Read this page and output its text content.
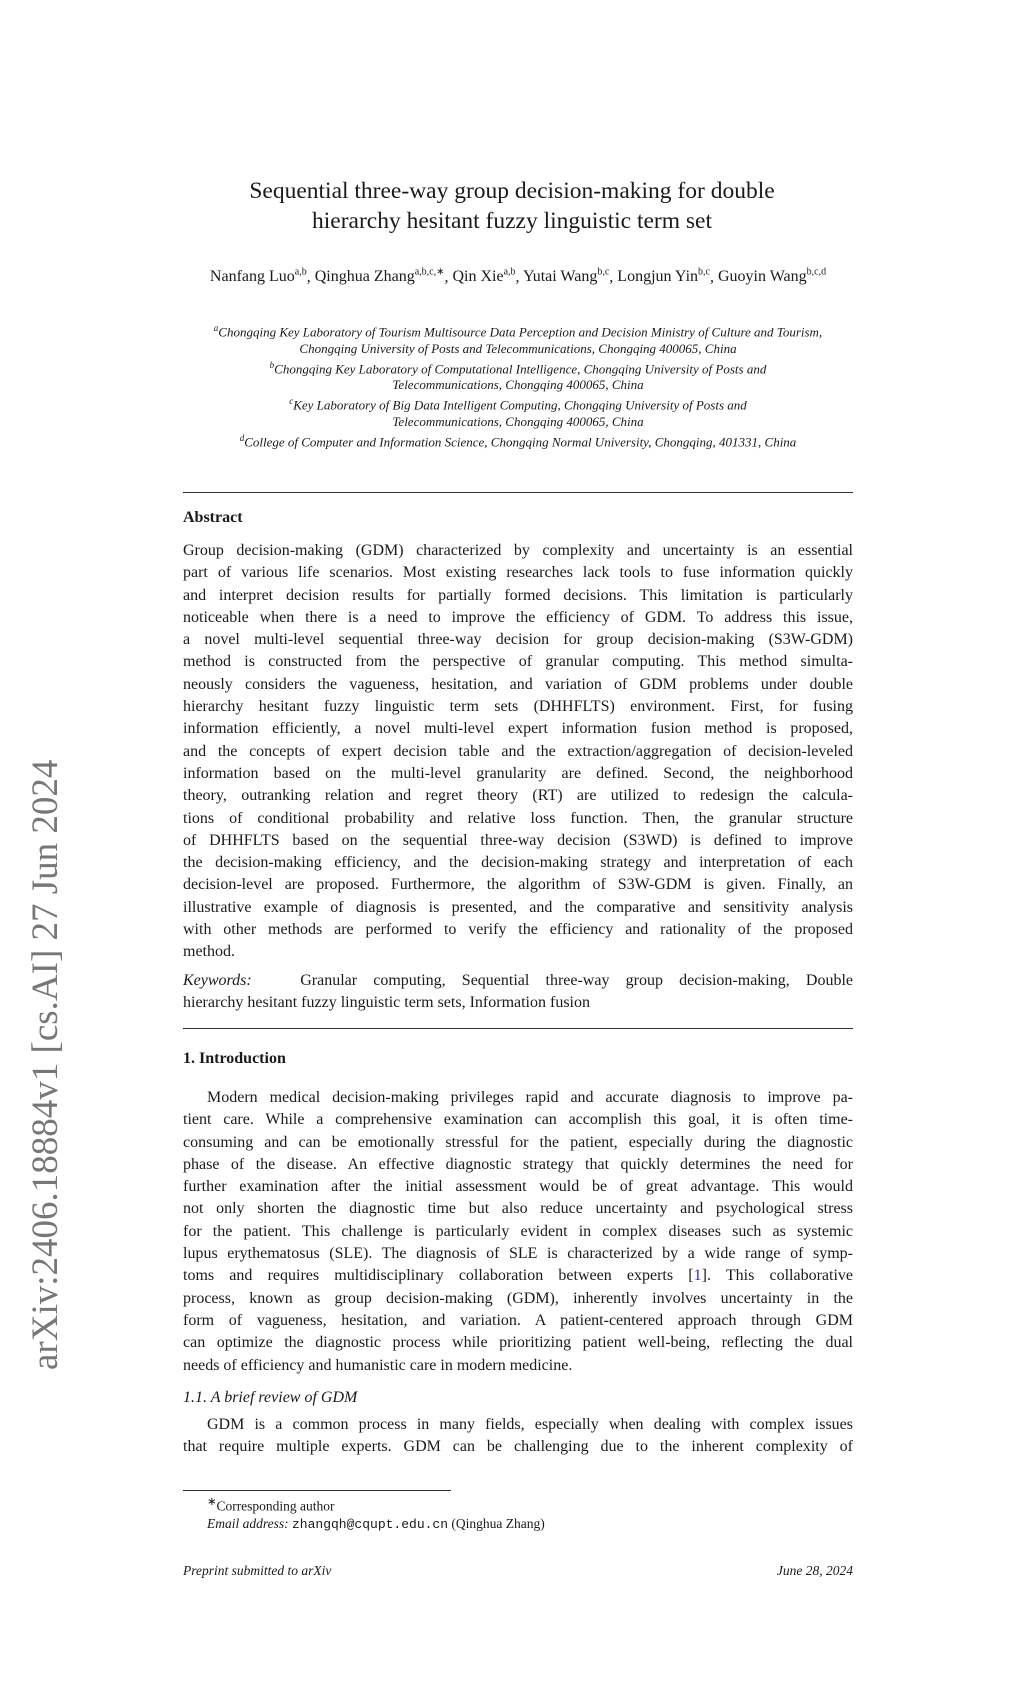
arXiv:2406.18884v1 [cs.AI] 27 Jun 2024
Sequential three-way group decision-making for double
hierarchy hesitant fuzzy linguistic term set
Nanfang Luo$^{a,b}$, Qinghua Zhang$^{a,b,c,∗}$, Qin Xie$^{a,b}$, Yutai Wang$^{b,c}$, Longjun Yin$^{b,c}$, Guoyin Wang$^{b,c,d}$
$^a$Chongqing Key Laboratory of Tourism Multisource Data Perception and Decision Ministry of Culture and Tourism, Chongqing University of Posts and Telecommunications, Chongqing 400065, China
$^b$Chongqing Key Laboratory of Computational Intelligence, Chongqing University of Posts and Telecommunications, Chongqing 400065, China
$^c$Key Laboratory of Big Data Intelligent Computing, Chongqing University of Posts and Telecommunications, Chongqing 400065, China
$^d$College of Computer and Information Science, Chongqing Normal University, Chongqing, 401331, China
Abstract
Group decision-making (GDM) characterized by complexity and uncertainty is an essential
part of various life scenarios. Most existing researches lack tools to fuse information quickly
and interpret decision results for partially formed decisions. This limitation is particularly
noticeable when there is a need to improve the efficiency of GDM. To address this issue,
a novel multi-level sequential three-way decision for group decision-making (S3W-GDM)
method is constructed from the perspective of granular computing. This method simulta-
neously considers the vagueness, hesitation, and variation of GDM problems under double
hierarchy hesitant fuzzy linguistic term sets (DHHFLTS) environment. First, for fusing
information efficiently, a novel multi-level expert information fusion method is proposed,
and the concepts of expert decision table and the extraction/aggregation of decision-leveled
information based on the multi-level granularity are defined. Second, the neighborhood
theory, outranking relation and regret theory (RT) are utilized to redesign the calcula-
tions of conditional probability and relative loss function. Then, the granular structure
of DHHFLTS based on the sequential three-way decision (S3WD) is defined to improve
the decision-making efficiency, and the decision-making strategy and interpretation of each
decision-level are proposed. Furthermore, the algorithm of S3W-GDM is given. Finally, an
illustrative example of diagnosis is presented, and the comparative and sensitivity analysis
with other methods are performed to verify the efficiency and rationality of the proposed
method.
Keywords:	Granular computing, Sequential three-way group decision-making, Double
hierarchy hesitant fuzzy linguistic term sets, Information fusion
1. Introduction
Modern medical decision-making privileges rapid and accurate diagnosis to improve pa-
tient care. While a comprehensive examination can accomplish this goal, it is often time-
consuming and can be emotionally stressful for the patient, especially during the diagnostic
phase of the disease. An effective diagnostic strategy that quickly determines the need for
further examination after the initial assessment would be of great advantage. This would
not only shorten the diagnostic time but also reduce uncertainty and psychological stress
for the patient. This challenge is particularly evident in complex diseases such as systemic
lupus erythematosus (SLE). The diagnosis of SLE is characterized by a wide range of symp-
toms and requires multidisciplinary collaboration between experts [1]. This collaborative
process, known as group decision-making (GDM), inherently involves uncertainty in the
form of vagueness, hesitation, and variation. A patient-centered approach through GDM
can optimize the diagnostic process while prioritizing patient well-being, reflecting the dual
needs of efficiency and humanistic care in modern medicine.
1.1. A brief review of GDM
GDM is a common process in many fields, especially when dealing with complex issues
that require multiple experts. GDM can be challenging due to the inherent complexity of
∗Corresponding author
Email address: zhangqh@cqupt.edu.cn (Qinghua Zhang)
Preprint submitted to arXiv	June 28, 2024
